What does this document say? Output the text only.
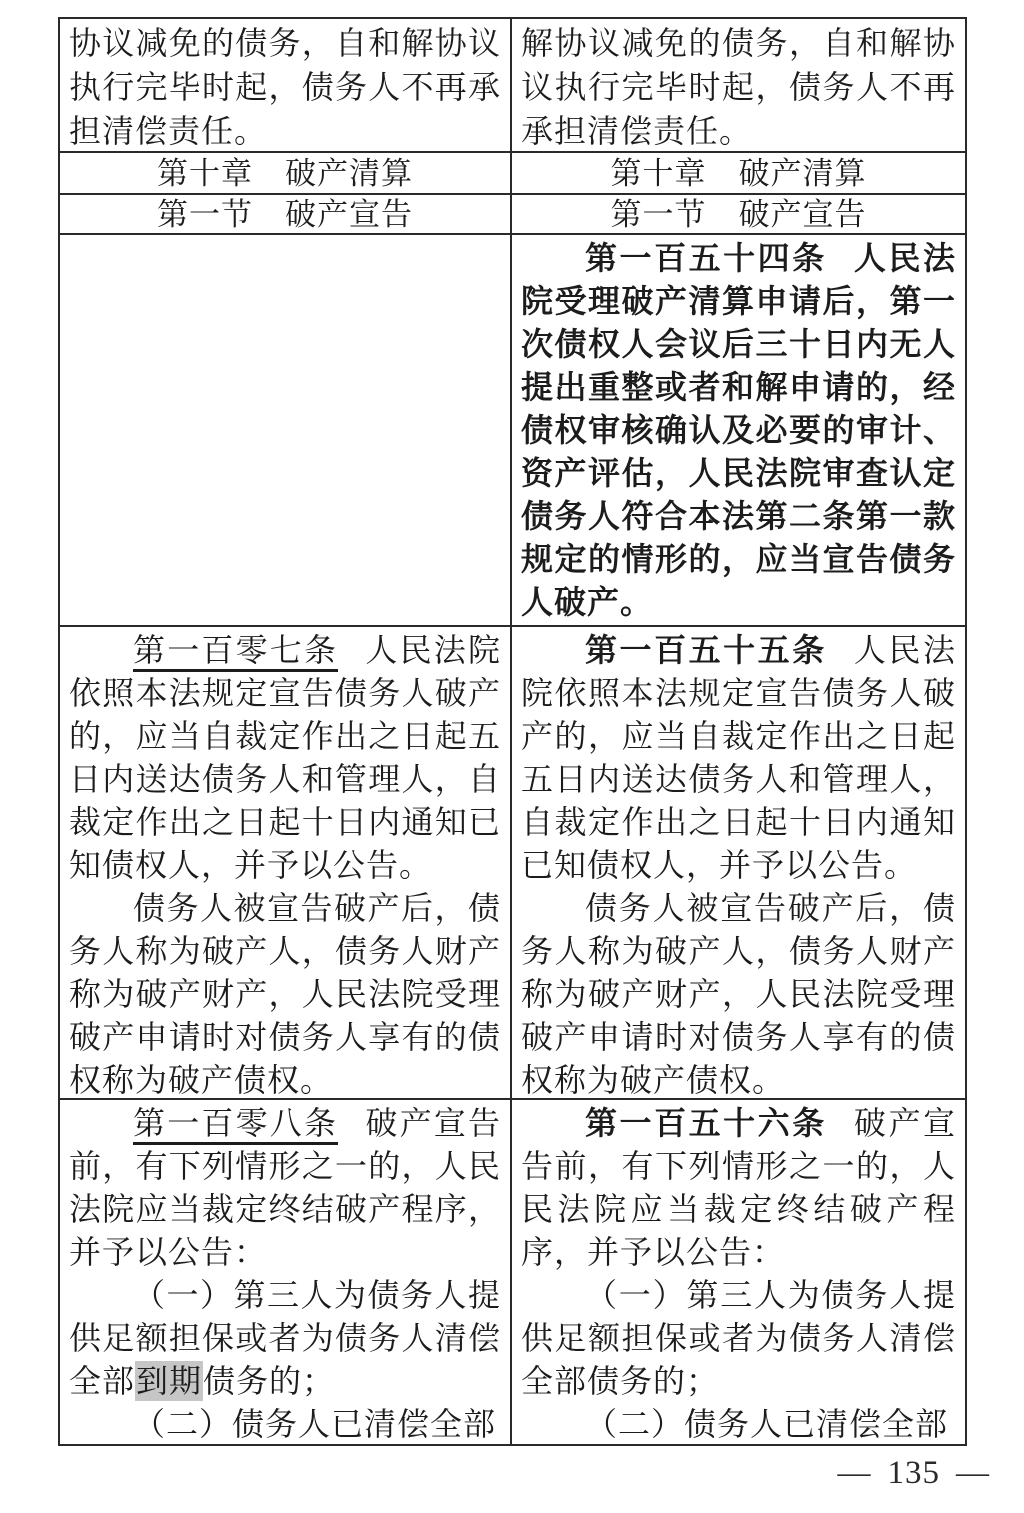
协议减免的债务，自和解协议执行完毕时起，债务人不再承担清偿责任。

解协议减免的债务，自和解协议执行完毕时起，债务人不再承担清偿责任。

第十章　破产清算	第十章　破产清算
第一节　破产宣告	第一节　破产宣告

第一百五十四条 人民法院受理破产清算申请后，第一次债权人会议后三十日内无人提出重整或者和解申请的，经债权审核确认及必要的审计、资产评估，人民法院审查认定债务人符合本法第二条第一款规定的情形的，应当宣告债务人破产。

第一百零七条 人民法院依照本法规定宣告债务人破产的，应当自裁定作出之日起五日内送达债务人和管理人，自裁定作出之日起十日内通知已知债权人，并予以公告。

债务人被宣告破产后，债务人称为破产人，债务人财产称为破产财产，人民法院受理破产申请时对债务人享有的债权称为破产债权。

第一百五十五条 人民法院依照本法规定宣告债务人破产的，应当自裁定作出之日起五日内送达债务人和管理人，自裁定作出之日起十日内通知已知债权人，并予以公告。

债务人被宣告破产后，债务人称为破产人，债务人财产称为破产财产，人民法院受理破产申请时对债务人享有的债权称为破产债权。

第一百零八条 破产宣告前，有下列情形之一的，人民法院应当裁定终结破产程序，并予以公告：

（一）第三人为债务人提供足额担保或者为债务人清偿全部到期债务的；

（二）债务人已清偿全部

第一百五十六条 破产宣告前，有下列情形之一的，人民法院应当裁定终结破产程序，并予以公告：

（一）第三人为债务人提供足额担保或者为债务人清偿全部债务的；

（二）债务人已清偿全部

— 135 —
